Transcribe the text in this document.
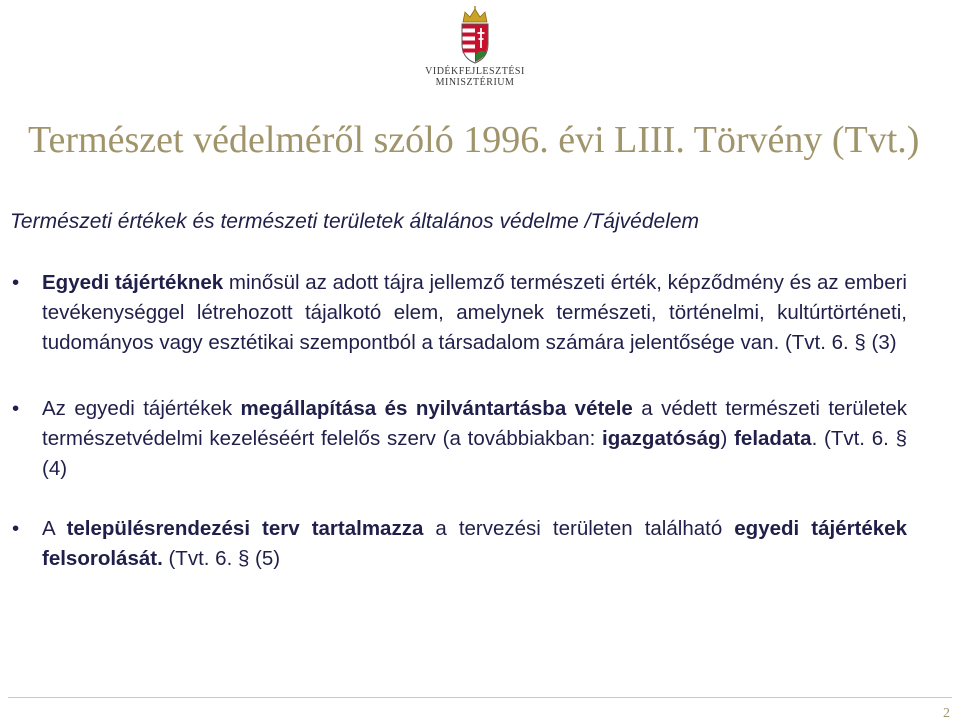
VIDÉKFEJLESZTÉSI
MINISZTÉRIUM
Természet védelméről szóló 1996. évi LIII. Törvény (Tvt.)
Természeti értékek és természeti területek általános védelme /Tájvédelem
• Egyedi tájértéknek minősül az adott tájra jellemző természeti érték, képződmény és az emberi tevékenységgel létrehozott tájalkotó elem, amelynek természeti, történelmi, kultúrtörténeti, tudományos vagy esztétikai szempontból a társadalom számára jelentősége van. (Tvt. 6. § (3)
• Az egyedi tájértékek megállapítása és nyilvántartásba vétele a védett természeti területek természetvédelmi kezeléséért felelős szerv (a továbbiakban: igazgatóság) feladata. (Tvt. 6. § (4)
• A településrendezési terv tartalmazza a tervezési területen található egyedi tájértékek felsorolását. (Tvt. 6. § (5)
2
